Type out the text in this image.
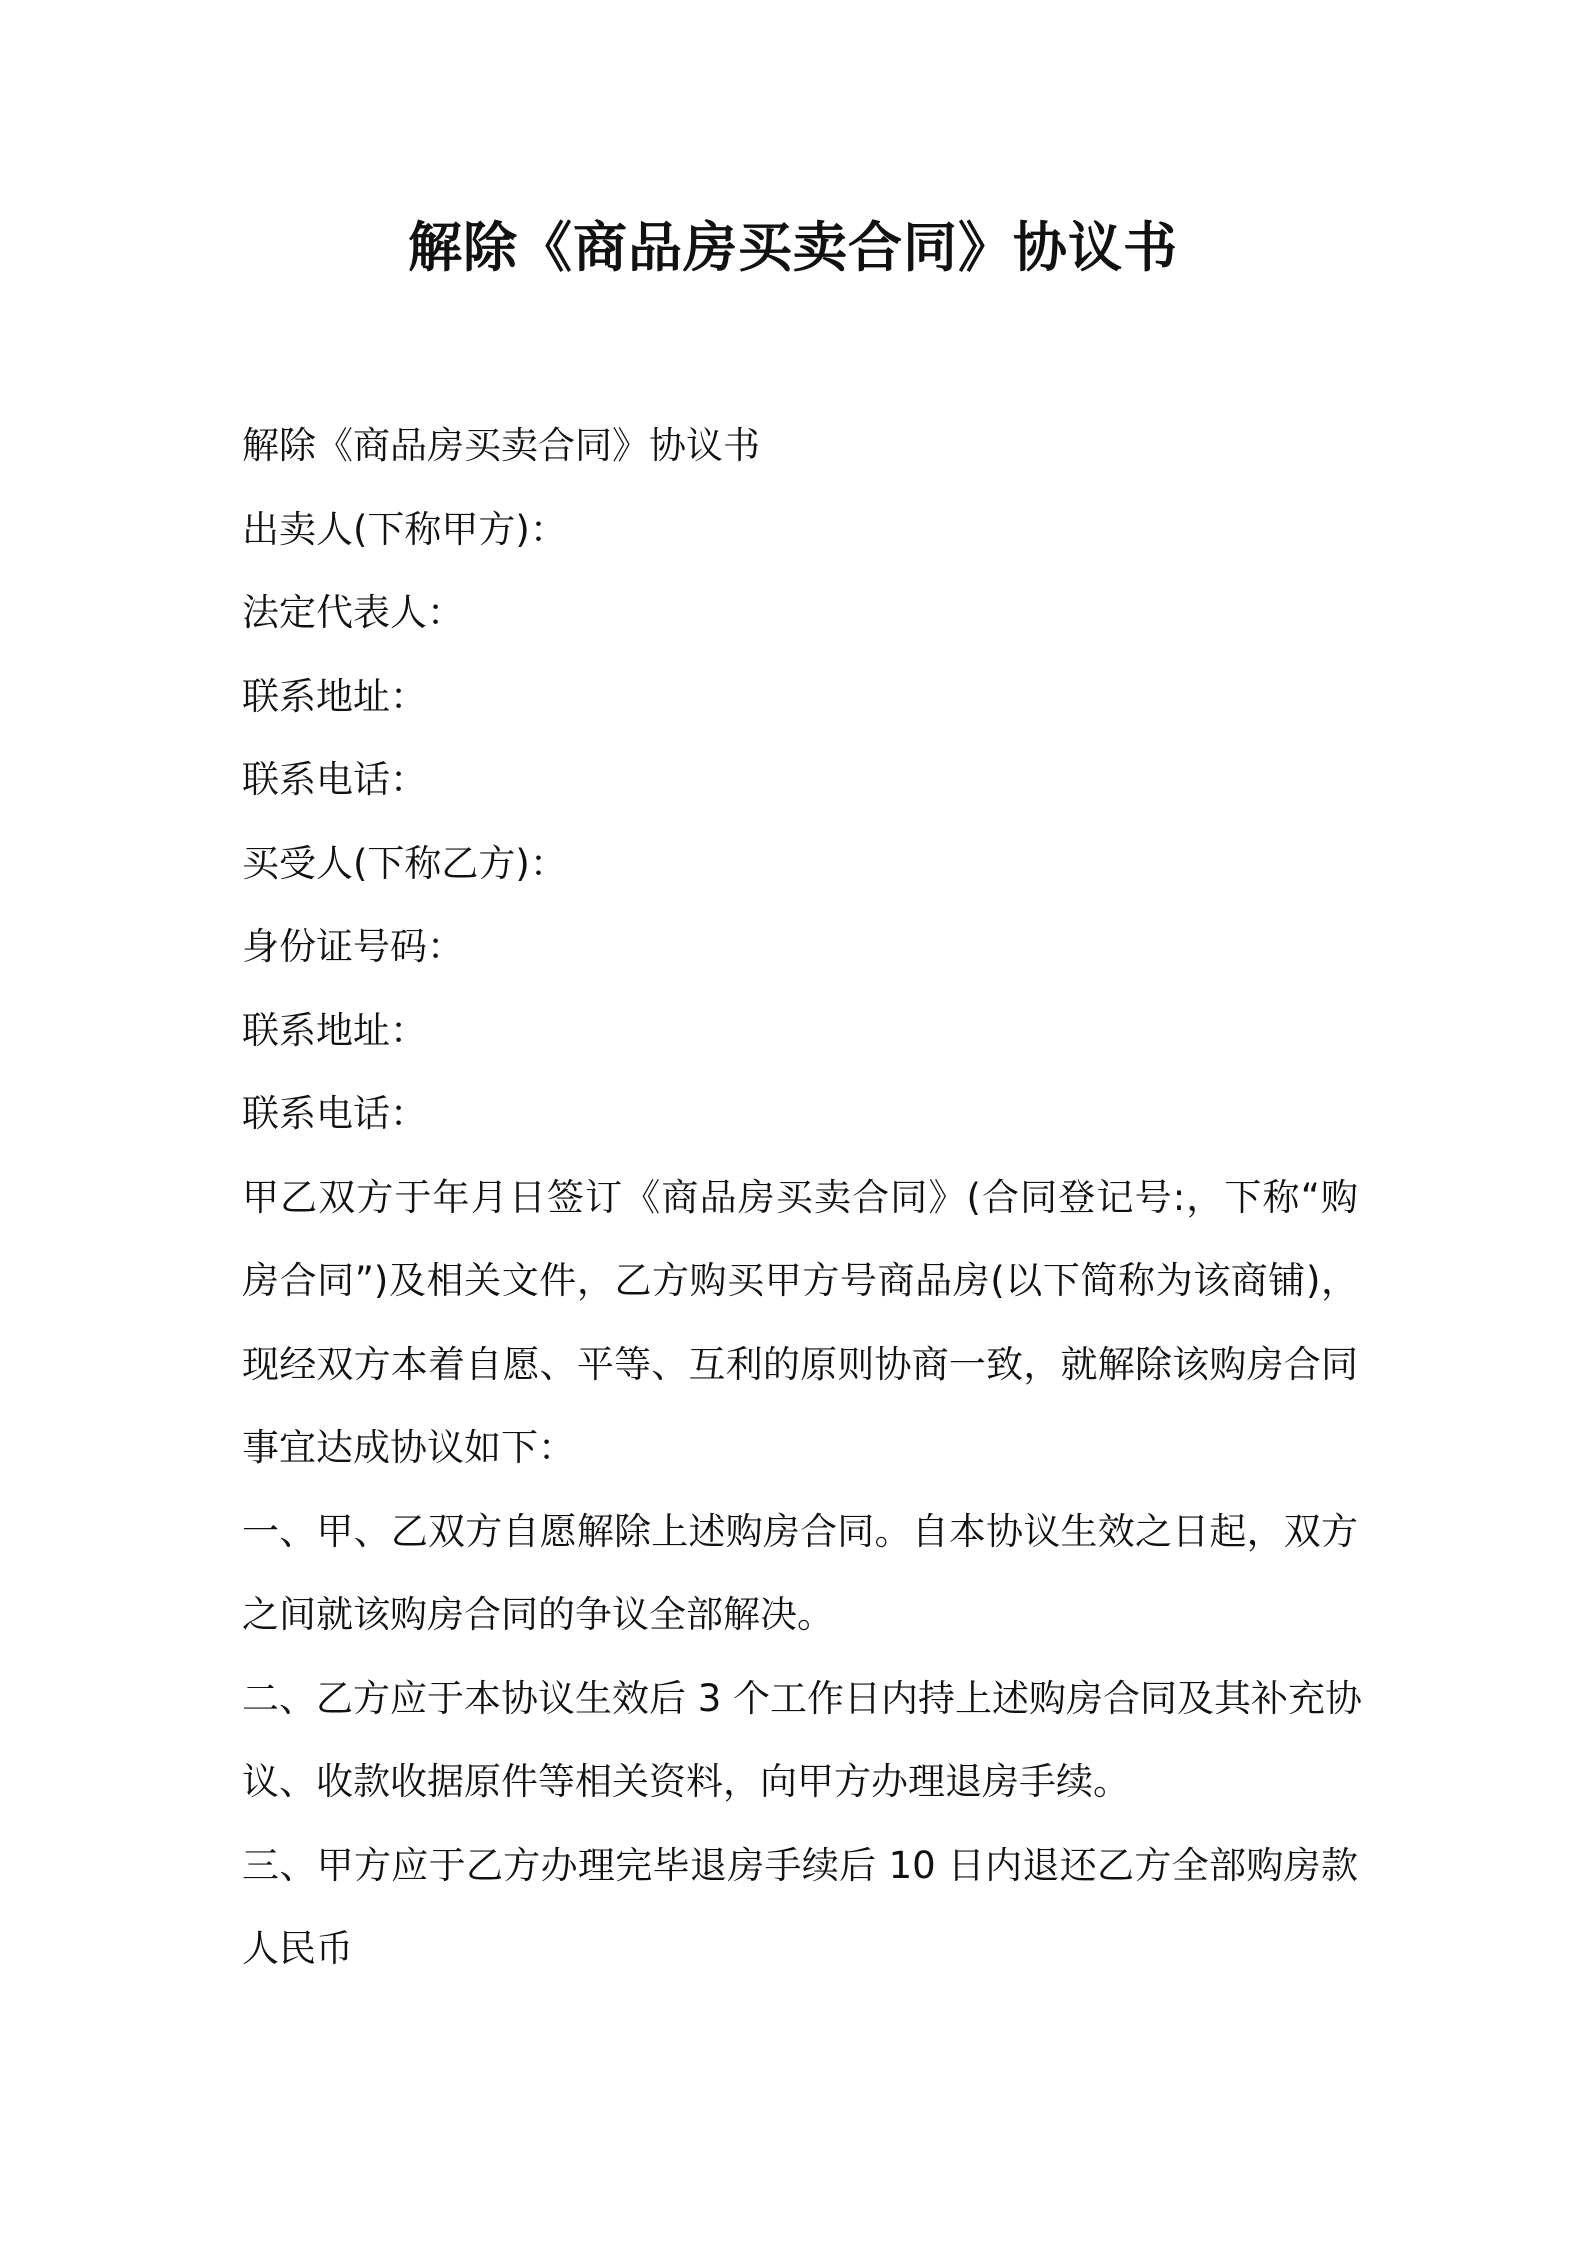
解除《商品房买卖合同》协议书
解除《商品房买卖合同》协议书
出卖人(下称甲方)：
法定代表人：
联系地址：
联系电话：
买受人(下称乙方)：
身份证号码：
联系地址：
联系电话：
甲乙双方于年月日签订《商品房买卖合同》(合同登记号:，下称“购
房合同”)及相关文件，乙方购买甲方号商品房(以下简称为该商铺)，
现经双方本着自愿、平等、互利的原则协商一致，就解除该购房合同
事宜达成协议如下：
一、甲、乙双方自愿解除上述购房合同。自本协议生效之日起，双方
之间就该购房合同的争议全部解决。
二、乙方应于本协议生效后 3 个工作日内持上述购房合同及其补充协
议、收款收据原件等相关资料，向甲方办理退房手续。
三、甲方应于乙方办理完毕退房手续后 10 日内退还乙方全部购房款
人民币
